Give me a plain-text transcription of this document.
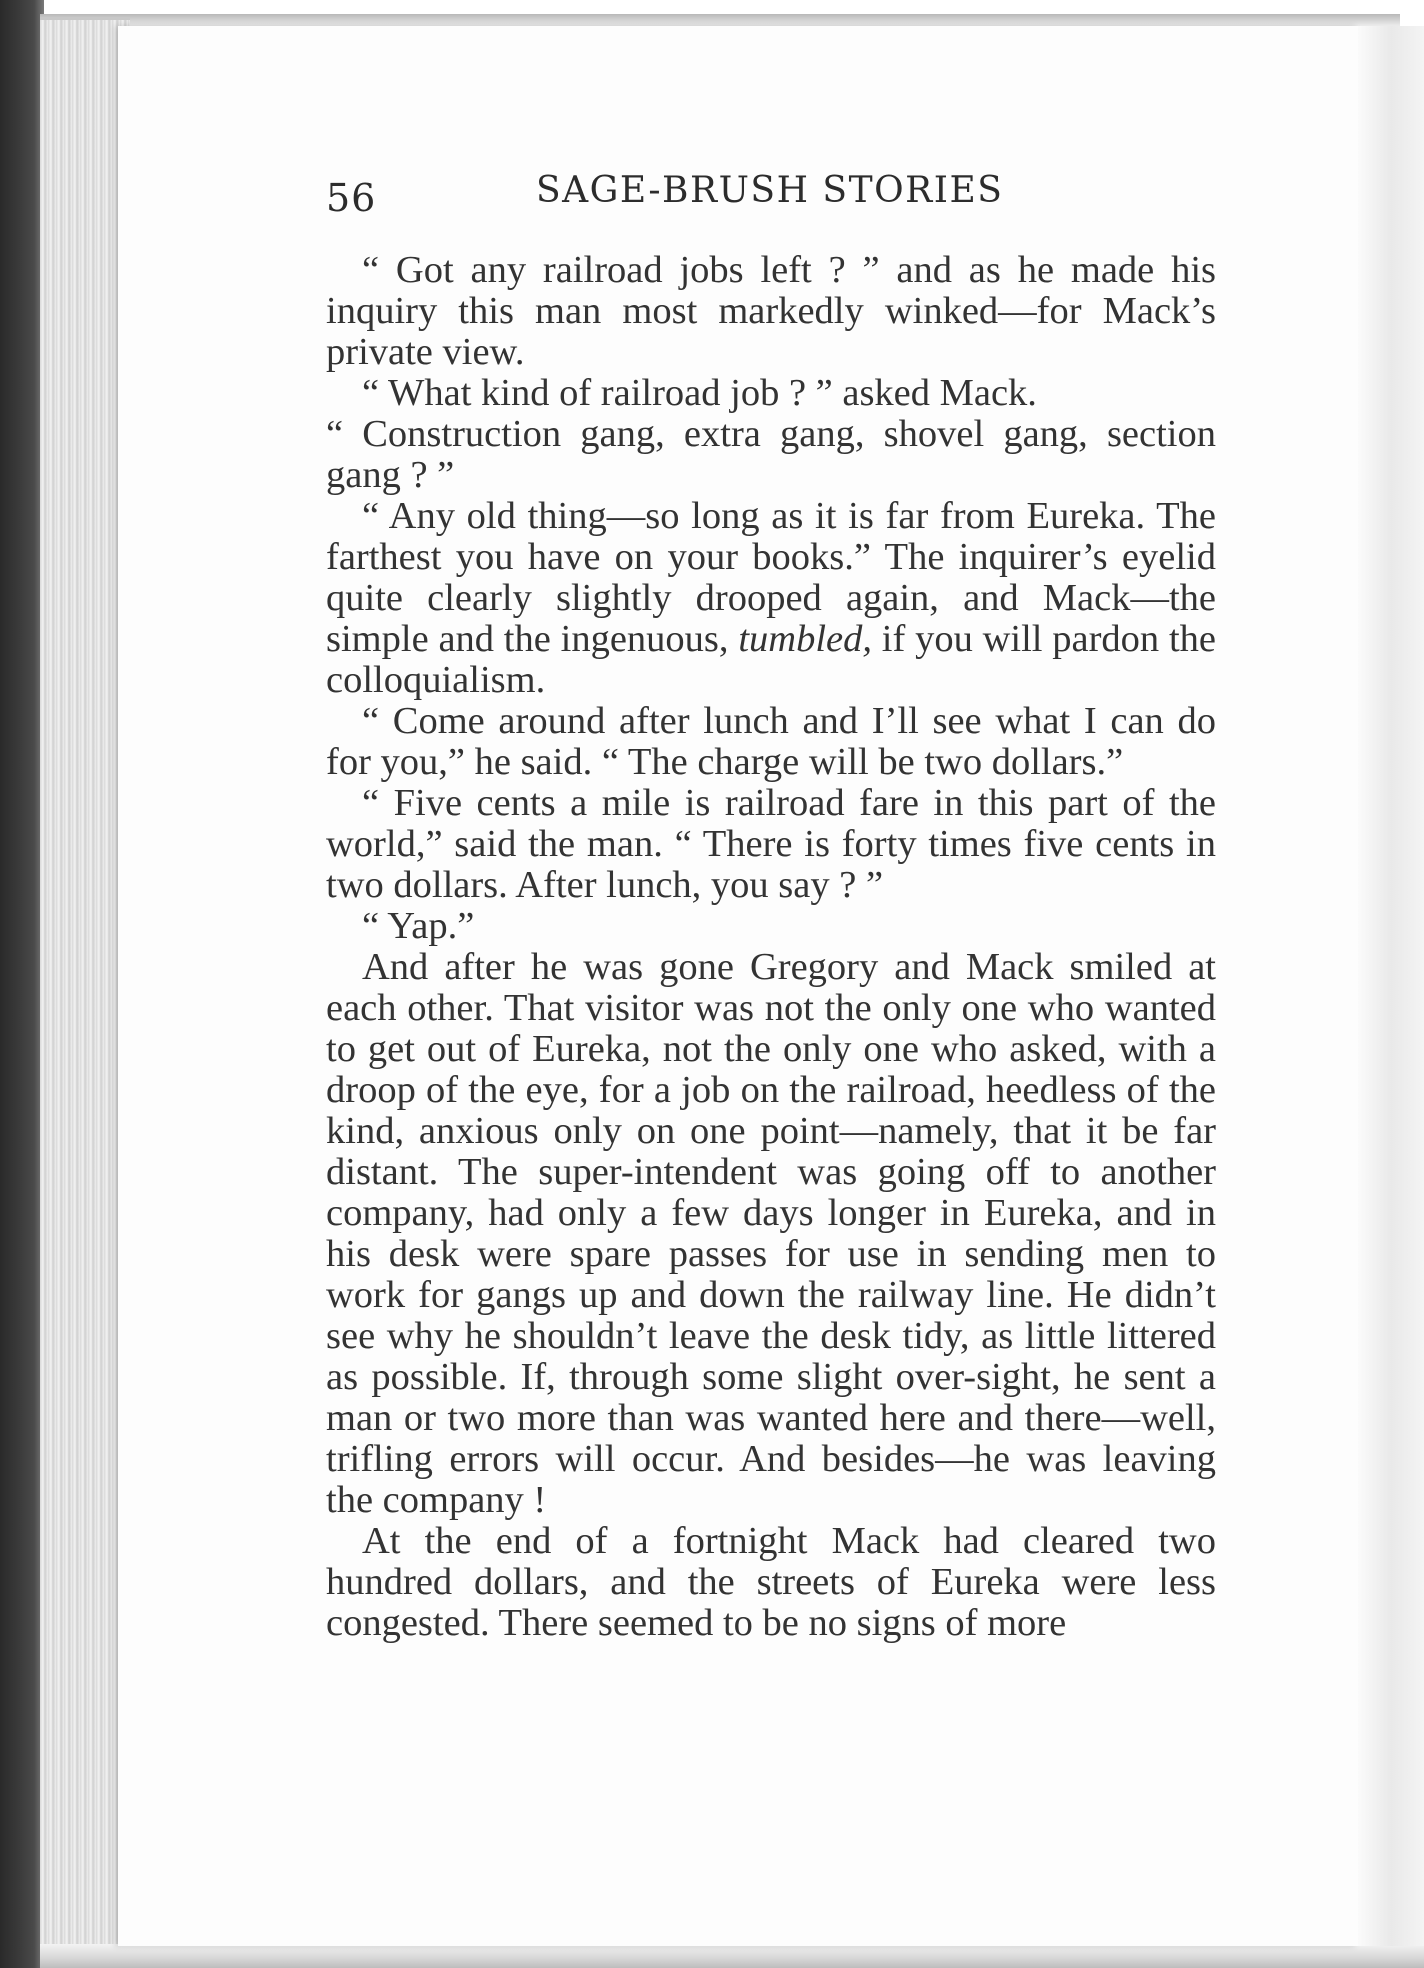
56	SAGE-BRUSH STORIES

“ Got any railroad jobs left ? ” and as he made his inquiry this man most markedly winked—for Mack’s private view.

“ What kind of railroad job ? ” asked Mack.

“ Construction gang, extra gang, shovel gang, section gang ? ”

“ Any old thing—so long as it is far from Eureka. The farthest you have on your books.” The inquirer’s eyelid quite clearly slightly drooped again, and Mack—the simple and the ingenuous, tumbled, if you will pardon the colloquialism.

“ Come around after lunch and I’ll see what I can do for you,” he said. “ The charge will be two dollars.”

“ Five cents a mile is railroad fare in this part of the world,” said the man. “ There is forty times five cents in two dollars. After lunch, you say ? ”

“ Yap.”

And after he was gone Gregory and Mack smiled at each other. That visitor was not the only one who wanted to get out of Eureka, not the only one who asked, with a droop of the eye, for a job on the railroad, heedless of the kind, anxious only on one point—namely, that it be far distant. The super-intendent was going off to another company, had only a few days longer in Eureka, and in his desk were spare passes for use in sending men to work for gangs up and down the railway line. He didn’t see why he shouldn’t leave the desk tidy, as little littered as possible. If, through some slight over-sight, he sent a man or two more than was wanted here and there—well, trifling errors will occur. And besides—he was leaving the company !

At the end of a fortnight Mack had cleared two hundred dollars, and the streets of Eureka were less congested. There seemed to be no signs of more
